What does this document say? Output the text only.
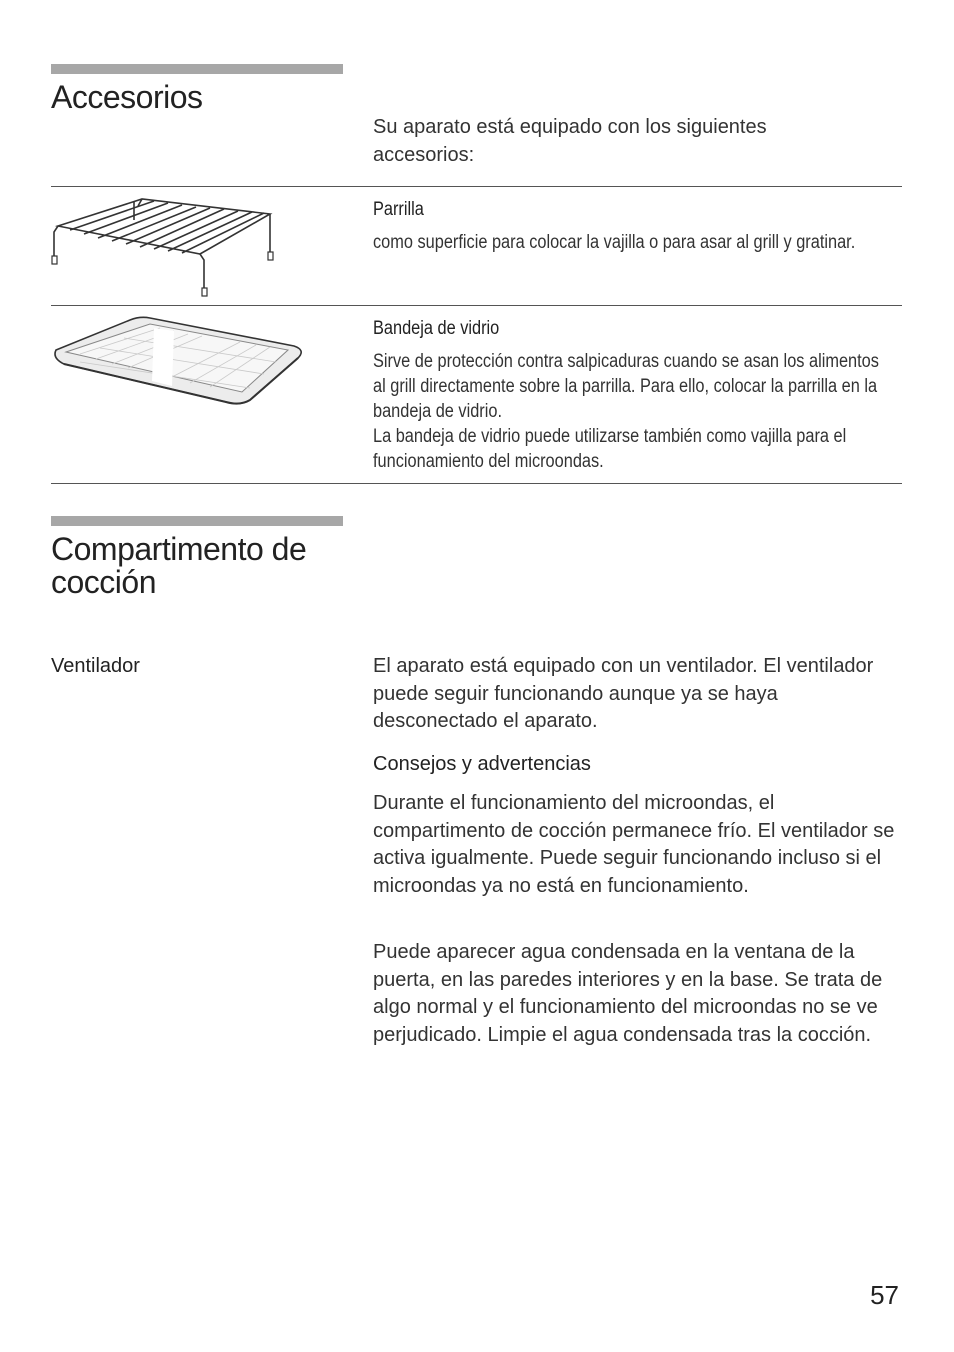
Accesorios
Su aparato está equipado con los siguientes accesorios:
Parrilla
como superficie para colocar la vajilla o para asar al grill y gratinar.
Bandeja de vidrio

Sirve de protección contra salpicaduras cuando se asan los alimentos al grill directamente sobre la parrilla. Para ello, colocar la parrilla en la bandeja de vidrio.

La bandeja de vidrio puede utilizarse también como vajilla para el funcionamiento del microondas.

Compartimento de cocción
Ventilador	El aparato está equipado con un ventilador. El ventilador puede seguir funcionando aunque ya se haya desconectado el aparato.
Consejos y advertencias
Durante el funcionamiento del microondas, el compartimento de cocción permanece frío. El ventilador se activa igualmente. Puede seguir funcionando incluso si el microondas ya no está en funcionamiento.
Puede aparecer agua condensada en la ventana de la puerta, en las paredes interiores y en la base. Se trata de algo normal y el funcionamiento del microondas no se ve perjudicado. Limpie el agua condensada tras la cocción.
57
